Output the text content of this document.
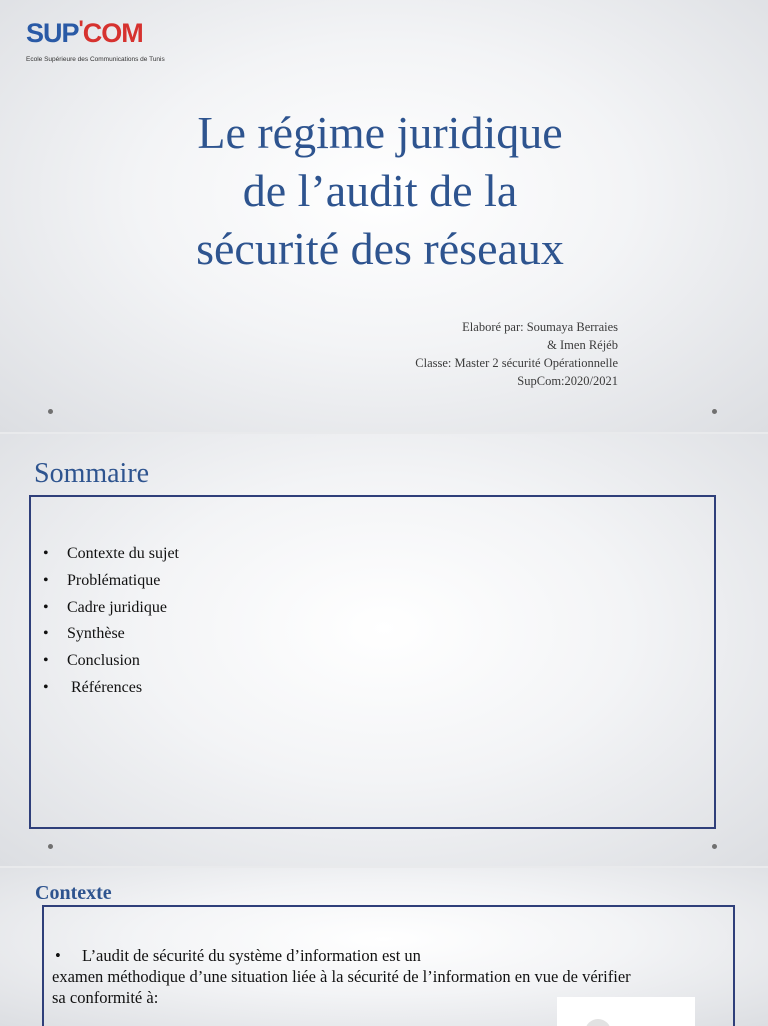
SUP'COM
Ecole Supérieure des Communications de Tunis
Le régime juridique
de l’audit de la
sécurité des réseaux
Elaboré par: Soumaya Berraies
& Imen Réjéb
Classe: Master 2 sécurité Opérationnelle
SupCom:2020/2021
Sommaire
• Contexte du sujet
• Problématique
• Cadre juridique
• Synthèse
• Conclusion
• Références
Contexte
• L’audit de sécurité du système d’information est un
examen méthodique d’une situation liée à la sécurité de l’information en vue de vérifier
sa conformité à:
